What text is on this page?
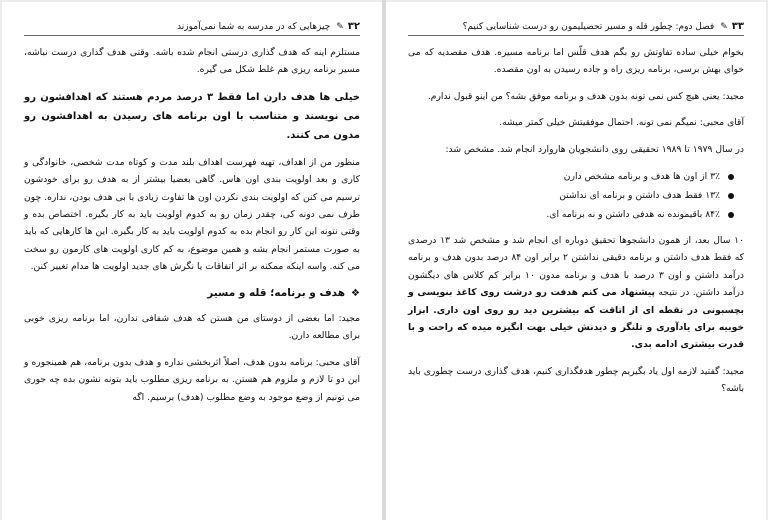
۳۲
✎
چیزهایی که در مدرسه به شما نمی‌آموزند

مستلزم اینه که هدف گذاری درستی انجام شده باشه. وقتی هدف گذاری درست نباشه، مسیر برنامه ریزی هم غلط شکل می گیره.

خیلی ها هدف دارن اما فقط ۳ درصد مردم هستند که اهدافشون رو می نویسند و متناسب با اون برنامه های رسیدن به اهدافشون رو مدون می کنند.

منظور من از اهداف، تهیه فهرست اهداف بلند مدت و کوتاه مدت شخصی، خانوادگی و کاری و بعد اولویت بندی اون هاس. گاهی بعضیا بیشتر از به هدف رو برای خودشون ترسیم می کنن که اولویت بندی نکردن اون ها تفاوت زیادی با بی هدف بودن، نداره. چون طرف نمی دونه کی، چقدر زمان رو به کدوم اولویت باید به کار بگیره. اختصاص بده و وقتی نتونه این کار رو انجام بده به کدوم اولویت باید به کار بگیره. این ها کارهایی که باید به صورت مستمر انجام بشه و همین موضوع، به کم کاری اولویت های کارمون رو سخت می کنه. واسه اینکه ممکنه بر اثر اتفاقات یا نگرش های جدید اولویت ها مدام تغییر کنن.

❖
هدف و برنامه؛ قله و مسیر

مجید: اما بعضی از دوستای من هستن که هدف شفافی ندارن، اما برنامه ریزی خوبی برای مطالعه دارن.

آقای محبی: برنامه بدون هدف، اصلاً اثربخشی نداره و هدف بدون برنامه، هم همینجوره و این دو تا لازم و ملزوم هم هستن. به برنامه ریزی مطلوب باید بتونه نشون بده چه جوری می تونیم از وضع موجود به وضع مطلوب (هدف) برسیم. اگه

۳۳
✎
فصل دوم: چطور قله و مسیر تحصیلیمون رو درست شناسایی کنیم؟

بخوام خیلی ساده تفاوتش رو بگم هدف قلّس اما برنامه مسیره. هدف مقصدیه که می خوای بهش برسی، برنامه ریزی راه و جاده رسیدن به اون مقصده.

مجید: یعنی هیچ کس نمی تونه بدون هدف و برنامه موفق بشه؟ من اینو قبول ندارم.

آقای محبی: نمیگم نمی تونه. احتمال موفقیتش خیلی کمتر میشه.

در سال ۱۹۷۹ تا ۱۹۸۹ تحقیقی روی دانشجویان هاروارد انجام شد. مشخص شد:

۳٪ از اون ها هدف و برنامه مشخص دارن
۱۳٪ فقط هدف داشتن و برنامه ای نداشتن
۸۴٪ باقیمونده نه هدفی داشتن و نه برنامه ای.

۱۰ سال بعد، از همون دانشجوها تحقیق دوباره ای انجام شد و مشخص شد ۱۳ درصدی که فقط هدف داشتن و برنامه دقیقی نداشتن ۲ برابر اون ۸۴ درصد بدون هدف و برنامه درآمد داشتن و اون ۳ درصد با هدف و برنامه مدون ۱۰ برابر کم کلاس های دیگشون درآمد داشتن. در نتیجه پیشنهاد می کنم هدفت رو درشت روی کاغذ بنویسی و بچسبونی در نقطه ای از اتاقت که بیشترین دید رو روی اون داری. ابزار خوبیه برای یادآوری و تلنگر و دیدنش خیلی بهت انگیزه میده که راحت و با قدرت بیشتری ادامه بدی.

مجید: گفتید لازمه اول یاد بگیریم چطور هدفگذاری کنیم، هدف گذاری درست چطوری باید باشه؟
